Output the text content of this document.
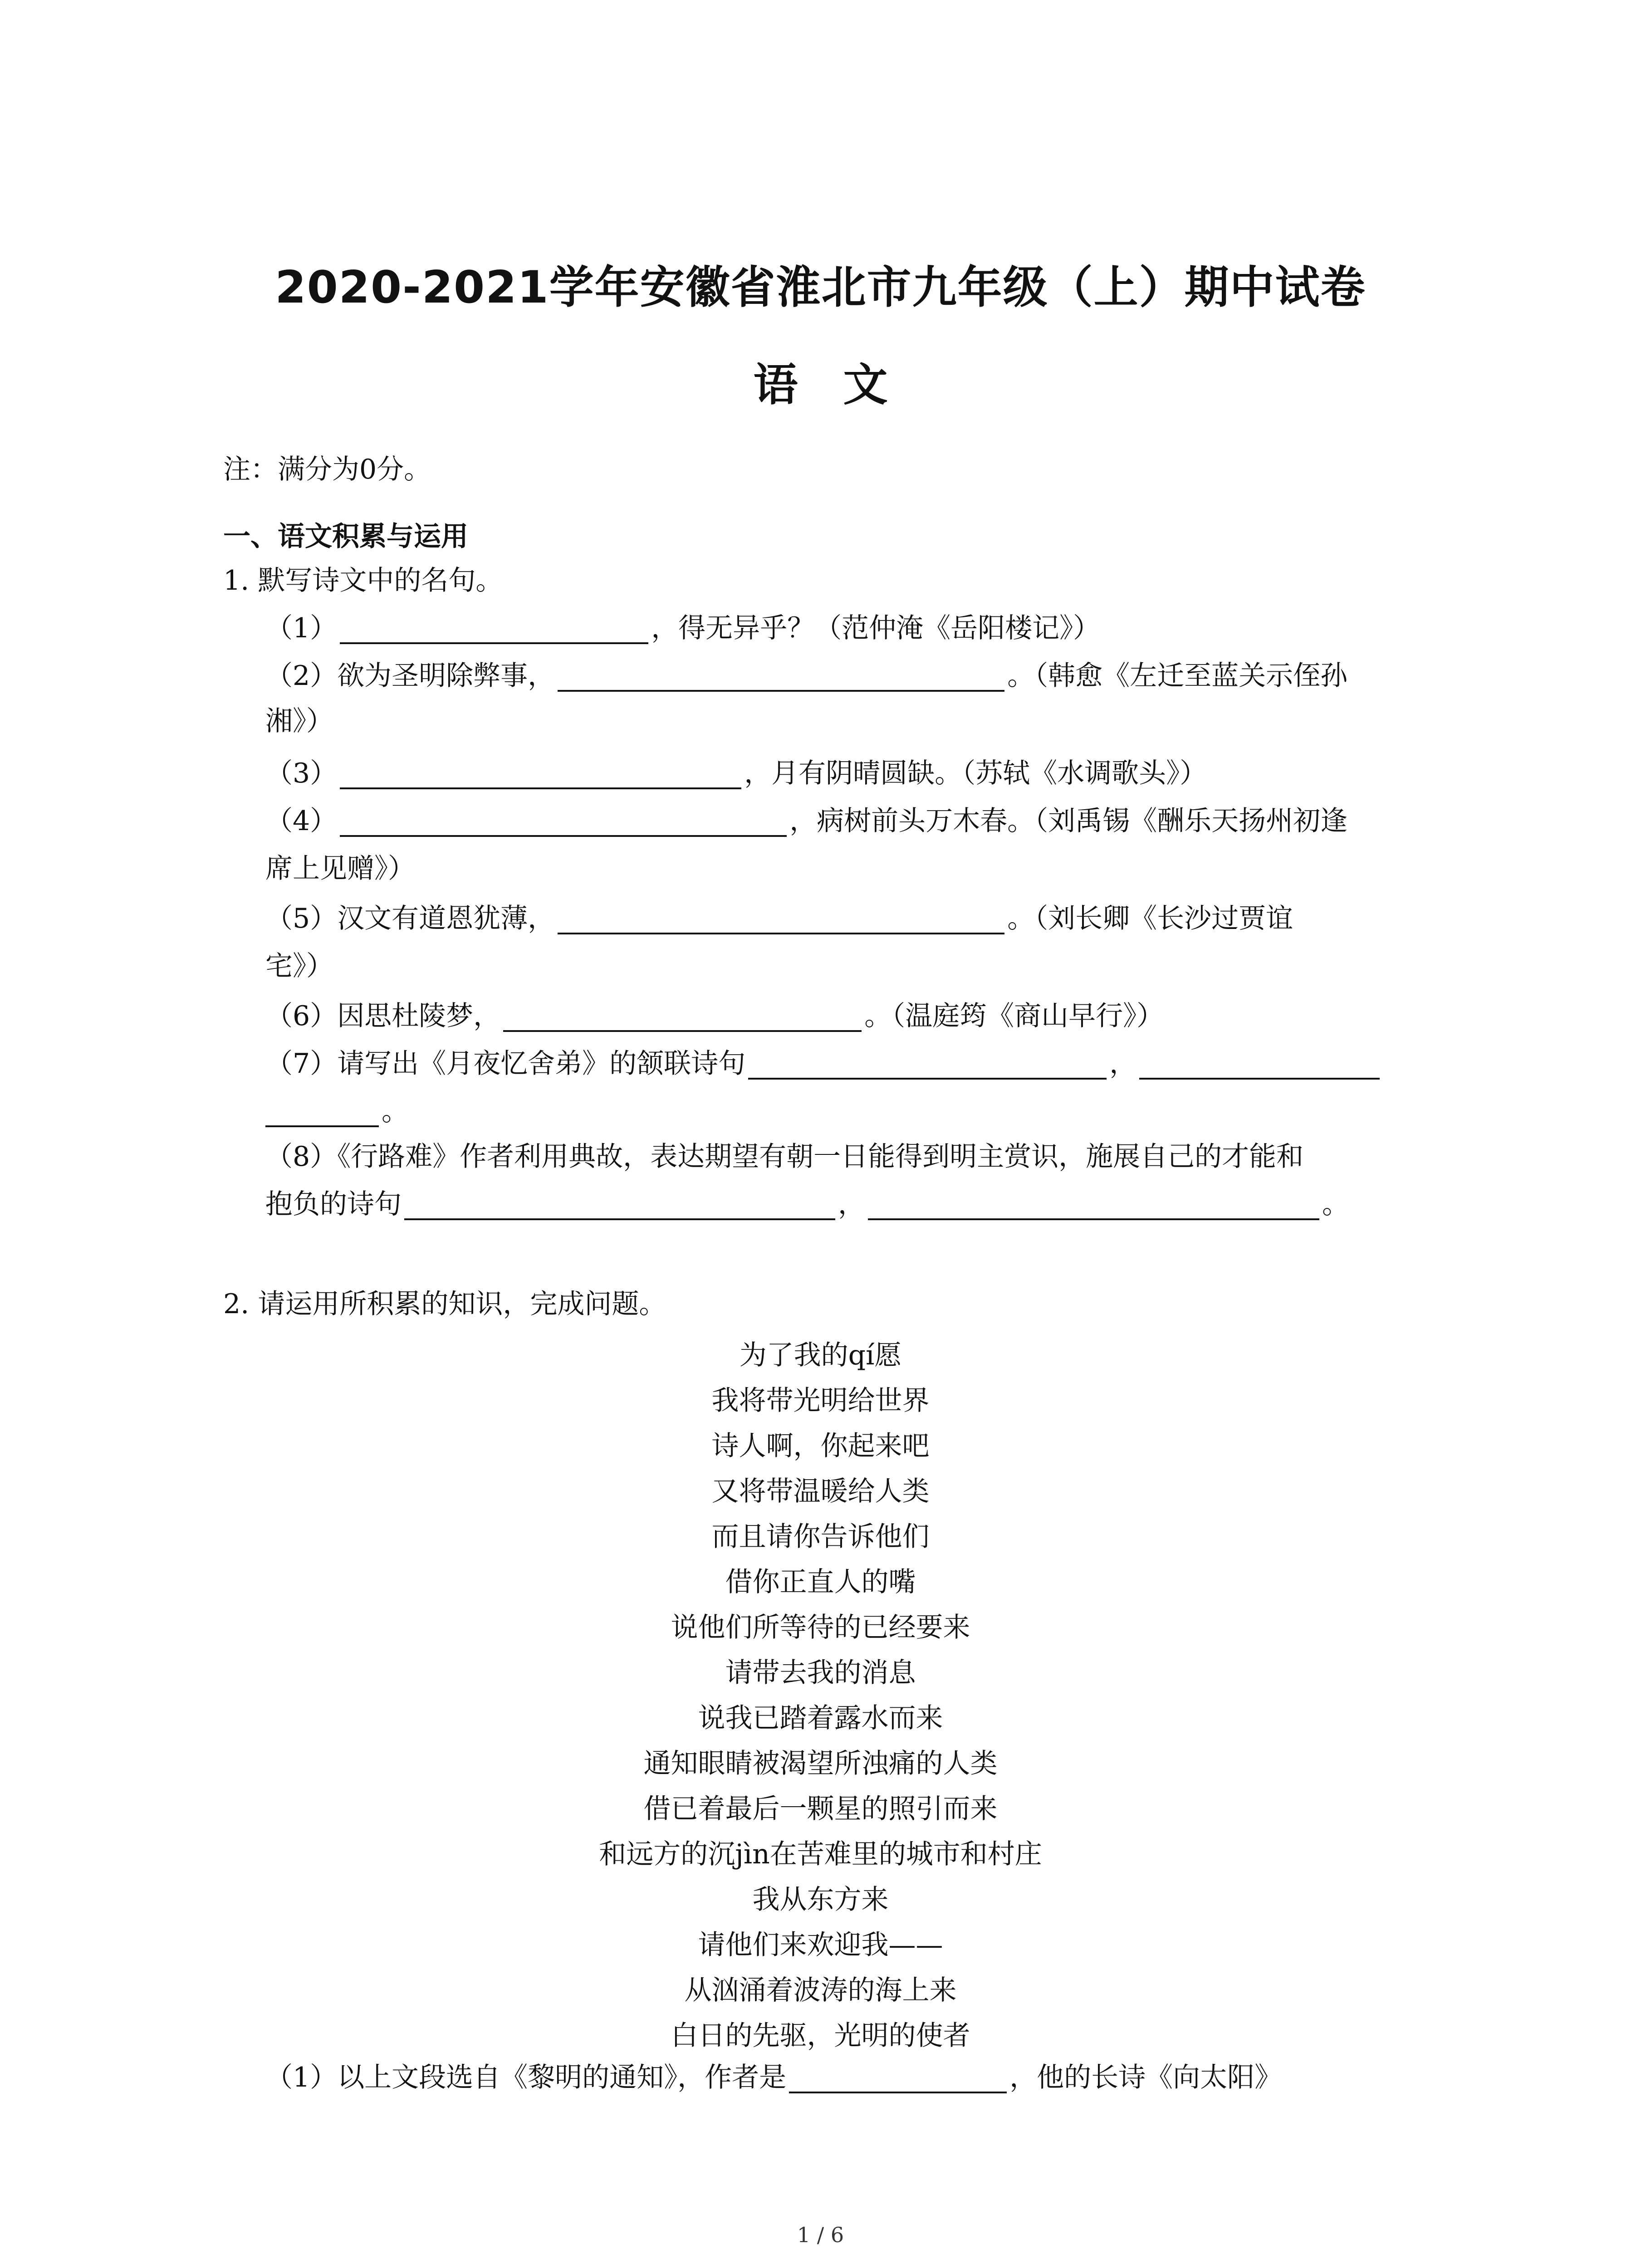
2020-2021学年安徽省淮北市九年级（上）期中试卷
语 文
注：满分为0分。
一、语文积累与运用
1. 默写诗文中的名句。
（1）	，得无异乎？（范仲淹《岳阳楼记》）
（2）欲为圣明除弊事，	。（韩愈《左迁至蓝关示侄孙
湘》）
（3）	，月有阴晴圆缺。（苏轼《水调歌头》）
（4）	，病树前头万木春。（刘禹锡《酬乐天扬州初逢
席上见赠》）
（5）汉文有道恩犹薄，	。（刘长卿《长沙过贾谊
宅》）
（6）因思杜陵梦，	。（温庭筠《商山早行》）
（7）请写出《月夜忆舍弟》的颔联诗句	，
。
（8）《行路难》作者利用典故，表达期望有朝一日能得到明主赏识，施展自己的才能和
抱负的诗句	，	。
2. 请运用所积累的知识，完成问题。
为了我的qí愿
我将带光明给世界
诗人啊，你起来吧
又将带温暖给人类
而且请你告诉他们
借你正直人的嘴
说他们所等待的已经要来
请带去我的消息
说我已踏着露水而来
通知眼睛被渴望所浊痛的人类
借已着最后一颗星的照引而来
和远方的沉jìn在苦难里的城市和村庄
我从东方来
请他们来欢迎我——
从汹涌着波涛的海上来
白日的先驱，光明的使者
（1）以上文段选自《黎明的通知》，作者是	，他的长诗《向太阳》
1 / 6
